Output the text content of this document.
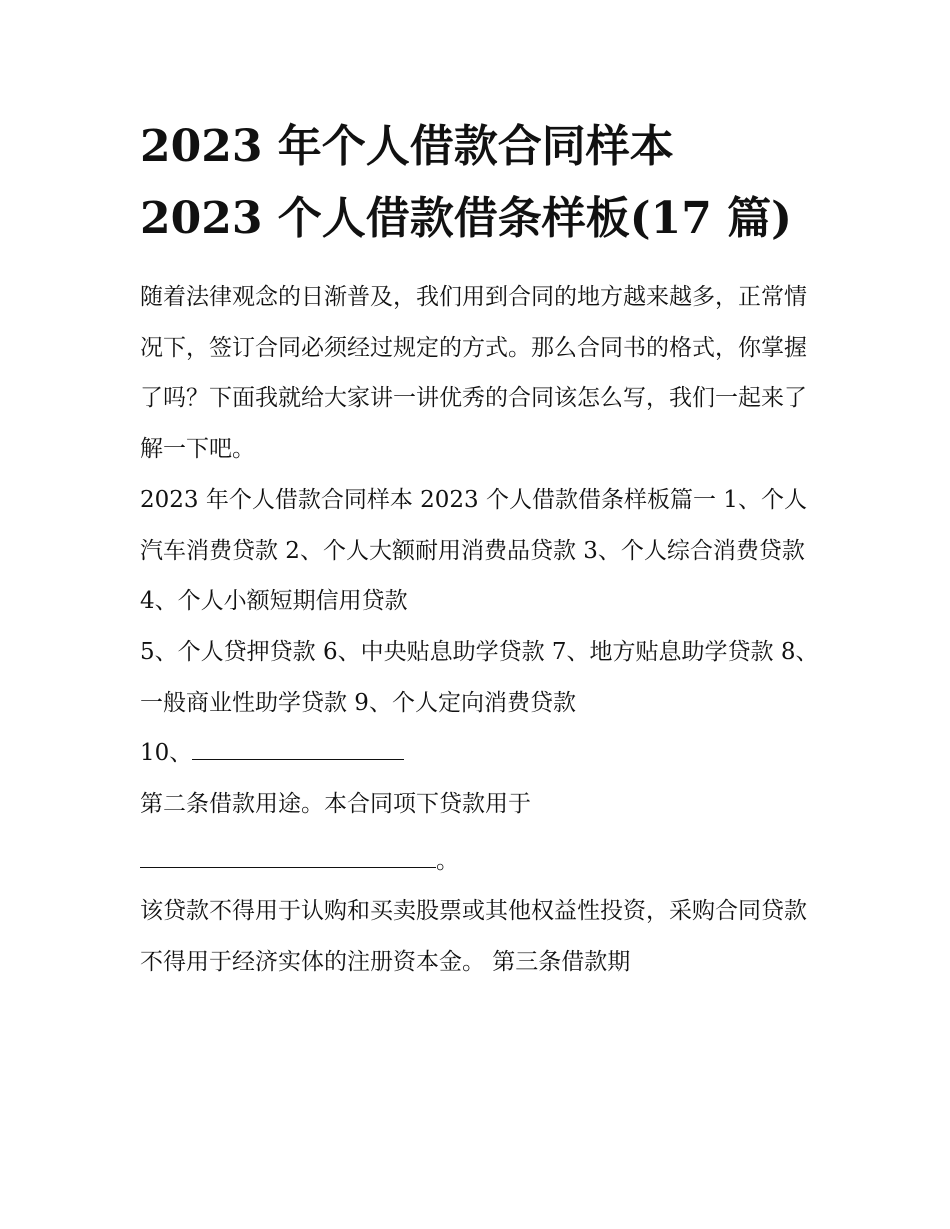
2023 年个人借款合同样本
2023 个人借款借条样板(17 篇)

随着法律观念的日渐普及，我们用到合同的地方越来越多，正常情况下，签订合同必须经过规定的方式。那么合同书的格式，你掌握了吗？下面我就给大家讲一讲优秀的合同该怎么写，我们一起来了解一下吧。

2023 年个人借款合同样本 2023 个人借款借条样板篇一 1、个人汽车消费贷款 2、个人大额耐用消费品贷款 3、个人综合消费贷款 4、个人小额短期信用贷款

5、个人贷押贷款 6、中央贴息助学贷款 7、地方贴息助学贷款 8、一般商业性助学贷款 9、个人定向消费贷款

10、

第二条借款用途。本合同项下贷款用于

。

该贷款不得用于认购和买卖股票或其他权益性投资，采购合同贷款不得用于经济实体的注册资本金。 第三条借款期
